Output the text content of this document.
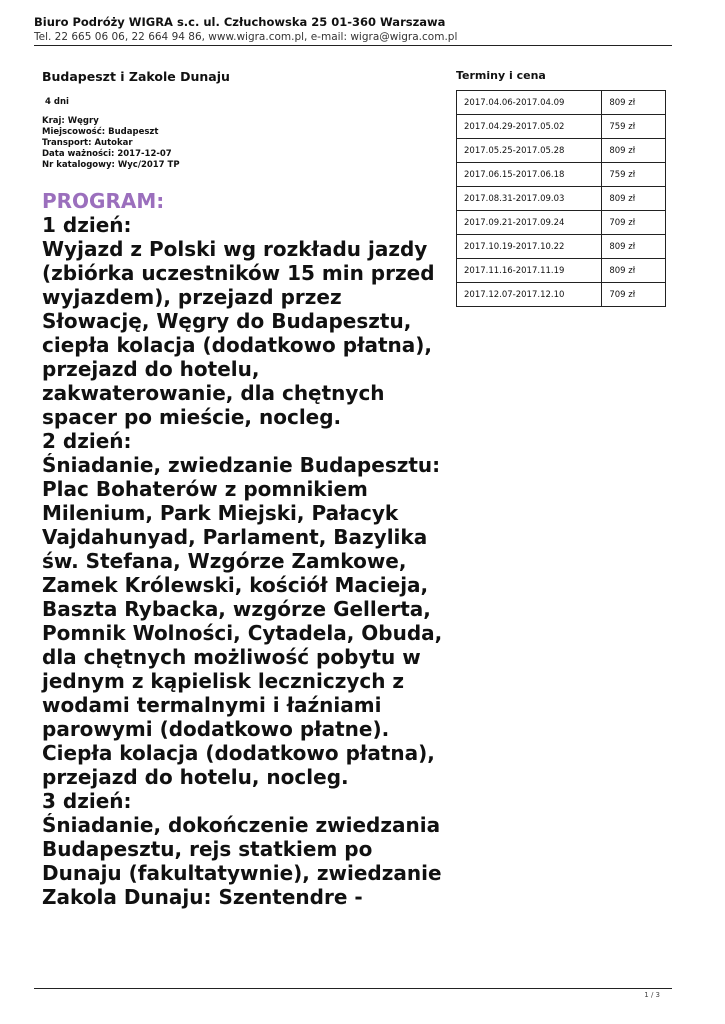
Biuro Podróży WIGRA s.c. ul. Człuchowska 25 01-360 Warszawa
Tel. 22 665 06 06, 22 664 94 86, www.wigra.com.pl, e-mail: wigra@wigra.com.pl
Budapeszt i Zakole Dunaju
4 dni
Kraj: Węgry
Miejscowość: Budapeszt
Transport: Autokar
Data ważności: 2017-12-07
Nr katalogowy: Wyc/2017 TP
PROGRAM:
1 dzień:
Wyjazd z Polski wg rozkładu jazdy
(zbiórka uczestników 15 min przed
wyjazdem), przejazd przez
Słowację, Węgry do Budapesztu,
ciepła kolacja (dodatkowo płatna),
przejazd do hotelu,
zakwaterowanie, dla chętnych
spacer po mieście, nocleg.
2 dzień:
Śniadanie, zwiedzanie Budapesztu:
Plac Bohaterów z pomnikiem
Milenium, Park Miejski, Pałacyk
Vajdahunyad, Parlament, Bazylika
św. Stefana, Wzgórze Zamkowe,
Zamek Królewski, kościół Macieja,
Baszta Rybacka, wzgórze Gellerta,
Pomnik Wolności, Cytadela, Obuda,
dla chętnych możliwość pobytu w
jednym z kąpielisk leczniczych z
wodami termalnymi i łaźniami
parowymi (dodatkowo płatne).
Ciepła kolacja (dodatkowo płatna),
przejazd do hotelu, nocleg.
3 dzień:
Śniadanie, dokończenie zwiedzania
Budapesztu, rejs statkiem po
Dunaju (fakultatywnie), zwiedzanie
Zakola Dunaju: Szentendre -
Terminy i cena
2017.04.06-2017.04.09	809 zł
2017.04.29-2017.05.02	759 zł
2017.05.25-2017.05.28	809 zł
2017.06.15-2017.06.18	759 zł
2017.08.31-2017.09.03	809 zł
2017.09.21-2017.09.24	709 zł
2017.10.19-2017.10.22	809 zł
2017.11.16-2017.11.19	809 zł
2017.12.07-2017.12.10	709 zł
1 / 3
